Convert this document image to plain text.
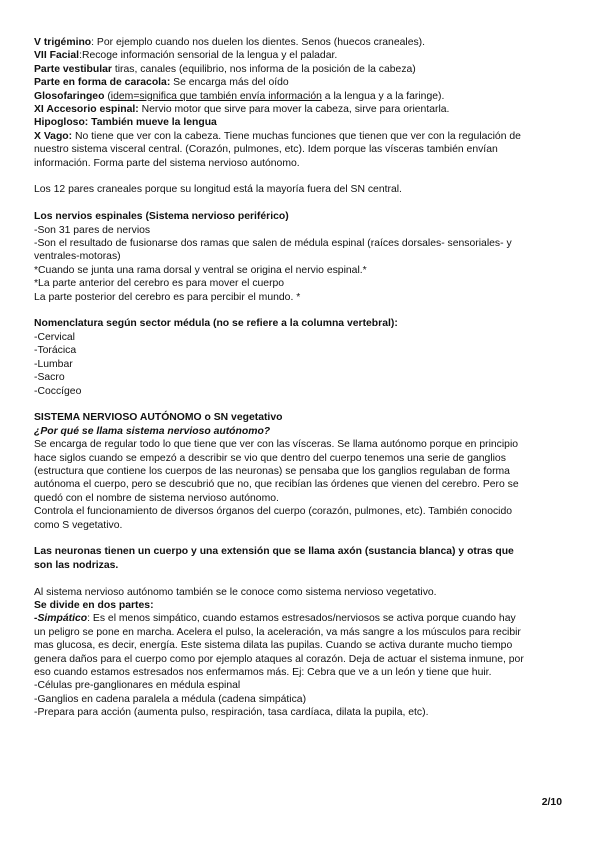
V trigémino: Por ejemplo cuando nos duelen los dientes. Senos (huecos craneales).
VII Facial:Recoge información sensorial de la lengua y el paladar.
Parte vestibular tiras, canales (equilibrio, nos informa de la posición de la cabeza)
Parte en forma de caracola: Se encarga más del oído
Glosofaringeo (idem=significa que también envía información a la lengua y a la faringe).
XI Accesorio espinal: Nervio motor que sirve para mover la cabeza, sirve para orientarla.
Hipogloso: También mueve la lengua
X Vago: No tiene que ver con la cabeza. Tiene muchas funciones que tienen que ver con la regulación de
nuestro sistema visceral central. (Corazón, pulmones, etc). Idem porque las vísceras también envían
información. Forma parte del sistema nervioso autónomo.
Los 12 pares craneales porque su longitud está la mayoría fuera del SN central.
Los nervios espinales (Sistema nervioso periférico)
-Son 31 pares de nervios
-Son el resultado de fusionarse dos ramas que salen de médula espinal (raíces dorsales- sensoriales- y
ventrales-motoras)
*Cuando se junta una rama dorsal y ventral se origina el nervio espinal.*
*La parte anterior del cerebro es para mover el cuerpo
La parte posterior del cerebro es para percibir el mundo. *
Nomenclatura según sector médula (no se refiere a la columna vertebral):
-Cervical
-Torácica
-Lumbar
-Sacro
-Coccígeo
SISTEMA NERVIOSO AUTÓNOMO o SN vegetativo
¿Por qué se llama sistema nervioso autónomo?
Se encarga de regular todo lo que tiene que ver con las vísceras. Se llama autónomo porque en principio
hace siglos cuando se empezó a describir se vio que dentro del cuerpo tenemos una serie de ganglios
(estructura que contiene los cuerpos de las neuronas) se pensaba que los ganglios regulaban de forma
autónoma el cuerpo, pero se descubrió que no, que recibían las órdenes que vienen del cerebro. Pero se
quedó con el nombre de sistema nervioso autónomo.
Controla el funcionamiento de diversos órganos del cuerpo (corazón, pulmones, etc). También conocido
como S vegetativo.
Las neuronas tienen un cuerpo y una extensión que se llama axón (sustancia blanca) y otras que
son las nodrizas.
Al sistema nervioso autónomo también se le conoce como sistema nervioso vegetativo.
Se divide en dos partes:
-Simpático: Es el menos simpático, cuando estamos estresados/nerviosos se activa porque cuando hay
un peligro se pone en marcha. Acelera el pulso, la aceleración, va más sangre a los músculos para recibir
mas glucosa, es decir, energía. Este sistema dilata las pupilas. Cuando se activa durante mucho tiempo
genera daños para el cuerpo como por ejemplo ataques al corazón. Deja de actuar el sistema inmune, por
eso cuando estamos estresados nos enfermamos más. Ej: Cebra que ve a un león y tiene que huir.
-Células pre-ganglionares en médula espinal
-Ganglios en cadena paralela a médula (cadena simpática)
-Prepara para acción (aumenta pulso, respiración, tasa cardíaca, dilata la pupila, etc).
2/10
